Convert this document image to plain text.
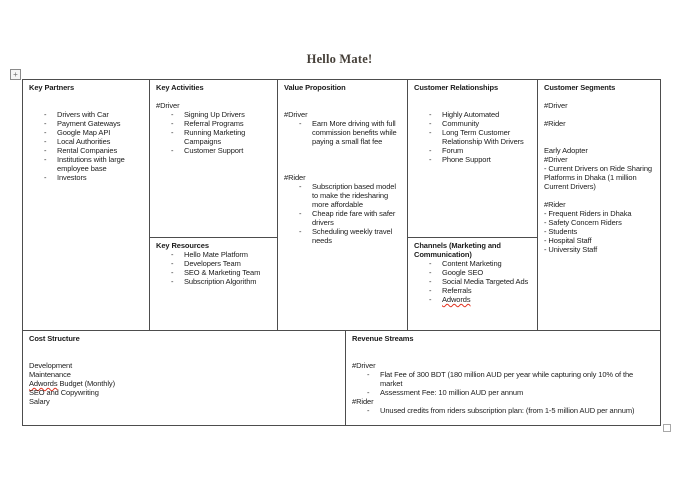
Hello Mate!
+
Key Partners
-	Drivers with Car
-	Payment Gateways
-	Google Map API
-	Local Authorities
-	Rental Companies
-	Institutions with large employee base
-	Investors
Key Activities
#Driver
-	Signing Up Drivers
-	Referral Programs
-	Running Marketing Campaigns
-	Customer Support
Key Resources
-	Hello Mate Platform
-	Developers Team
-	SEO & Marketing Team
-	Subscription Algorithm
Value Proposition
#Driver
-	Earn More driving with full commission benefits while paying a small flat fee
#Rider
-	Subscription based model to make the ridesharing more affordable
-	Cheap ride fare with safer drivers
-	Scheduling weekly travel needs
Customer Relationships
-	Highly Automated
-	Community
-	Long Term Customer Relationship With Drivers
-	Forum
-	Phone Support
Channels (Marketing and Communication)
-	Content Marketing
-	Google SEO
-	Social Media Targeted Ads
-	Referrals
-	Adwords
Customer Segments
#Driver
#Rider
Early Adopter
#Driver
- Current Drivers on Ride Sharing Platforms in Dhaka (1 million Current Drivers)
#Rider
- Frequent Riders in Dhaka
- Safety Concern Riders
- Students
- Hospital Staff
- University Staff
Cost Structure
Development
Maintenance
Adwords Budget (Monthly)
SEO and Copywriting
Salary
Revenue Streams
#Driver
-	Flat Fee of 300 BDT (180 million AUD per year while capturing only 10% of the market
-	Assessment Fee: 10 million AUD per annum
#Rider
-	Unused credits from riders subscription plan: (from 1-5 million AUD per annum)
